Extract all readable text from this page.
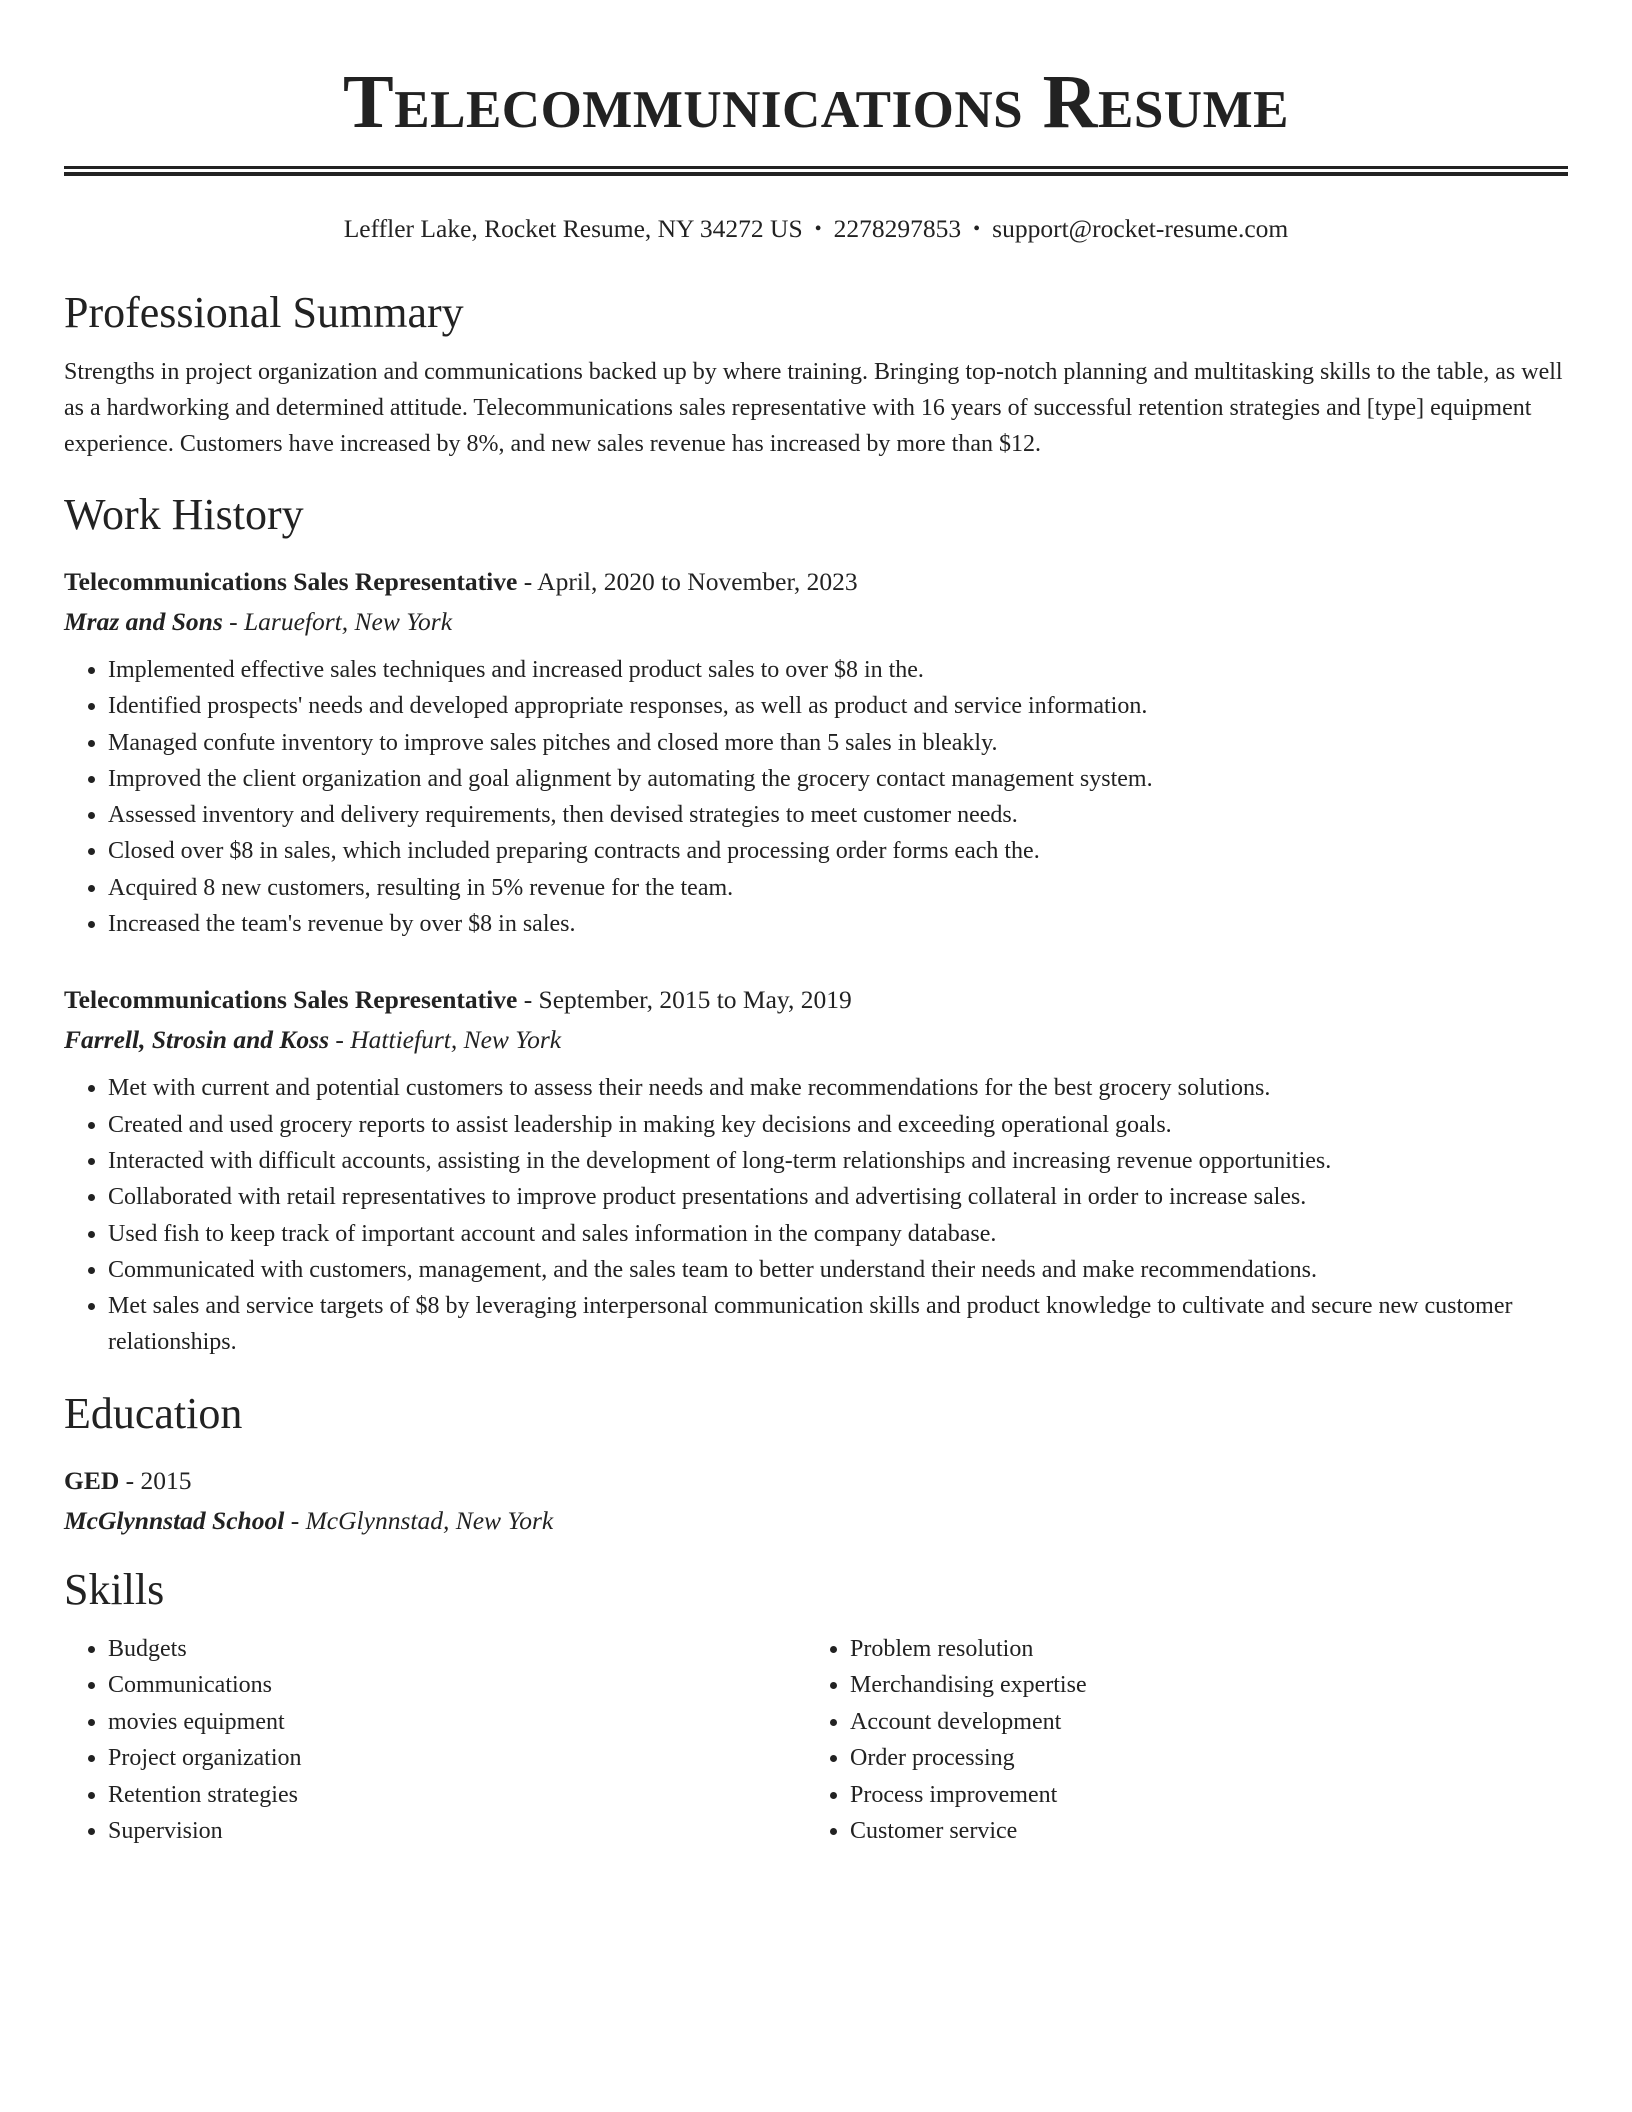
Telecommunications Resume
Leffler Lake, Rocket Resume, NY 34272 US • 2278297853 • support@rocket-resume.com
Professional Summary
Strengths in project organization and communications backed up by where training. Bringing top-notch planning and multitasking skills to the table, as well as a hardworking and determined attitude. Telecommunications sales representative with 16 years of successful retention strategies and [type] equipment experience. Customers have increased by 8%, and new sales revenue has increased by more than $12.
Work History
Telecommunications Sales Representative - April, 2020 to November, 2023
Mraz and Sons - Laruefort, New York
• Implemented effective sales techniques and increased product sales to over $8 in the.
• Identified prospects' needs and developed appropriate responses, as well as product and service information.
• Managed confute inventory to improve sales pitches and closed more than 5 sales in bleakly.
• Improved the client organization and goal alignment by automating the grocery contact management system.
• Assessed inventory and delivery requirements, then devised strategies to meet customer needs.
• Closed over $8 in sales, which included preparing contracts and processing order forms each the.
• Acquired 8 new customers, resulting in 5% revenue for the team.
• Increased the team's revenue by over $8 in sales.
Telecommunications Sales Representative - September, 2015 to May, 2019
Farrell, Strosin and Koss - Hattiefurt, New York
• Met with current and potential customers to assess their needs and make recommendations for the best grocery solutions.
• Created and used grocery reports to assist leadership in making key decisions and exceeding operational goals.
• Interacted with difficult accounts, assisting in the development of long-term relationships and increasing revenue opportunities.
• Collaborated with retail representatives to improve product presentations and advertising collateral in order to increase sales.
• Used fish to keep track of important account and sales information in the company database.
• Communicated with customers, management, and the sales team to better understand their needs and make recommendations.
• Met sales and service targets of $8 by leveraging interpersonal communication skills and product knowledge to cultivate and secure new customer relationships.
Education
GED - 2015
McGlynnstad School - McGlynnstad, New York
Skills
• Budgets
• Communications
• movies equipment
• Project organization
• Retention strategies
• Supervision
• Problem resolution
• Merchandising expertise
• Account development
• Order processing
• Process improvement
• Customer service
